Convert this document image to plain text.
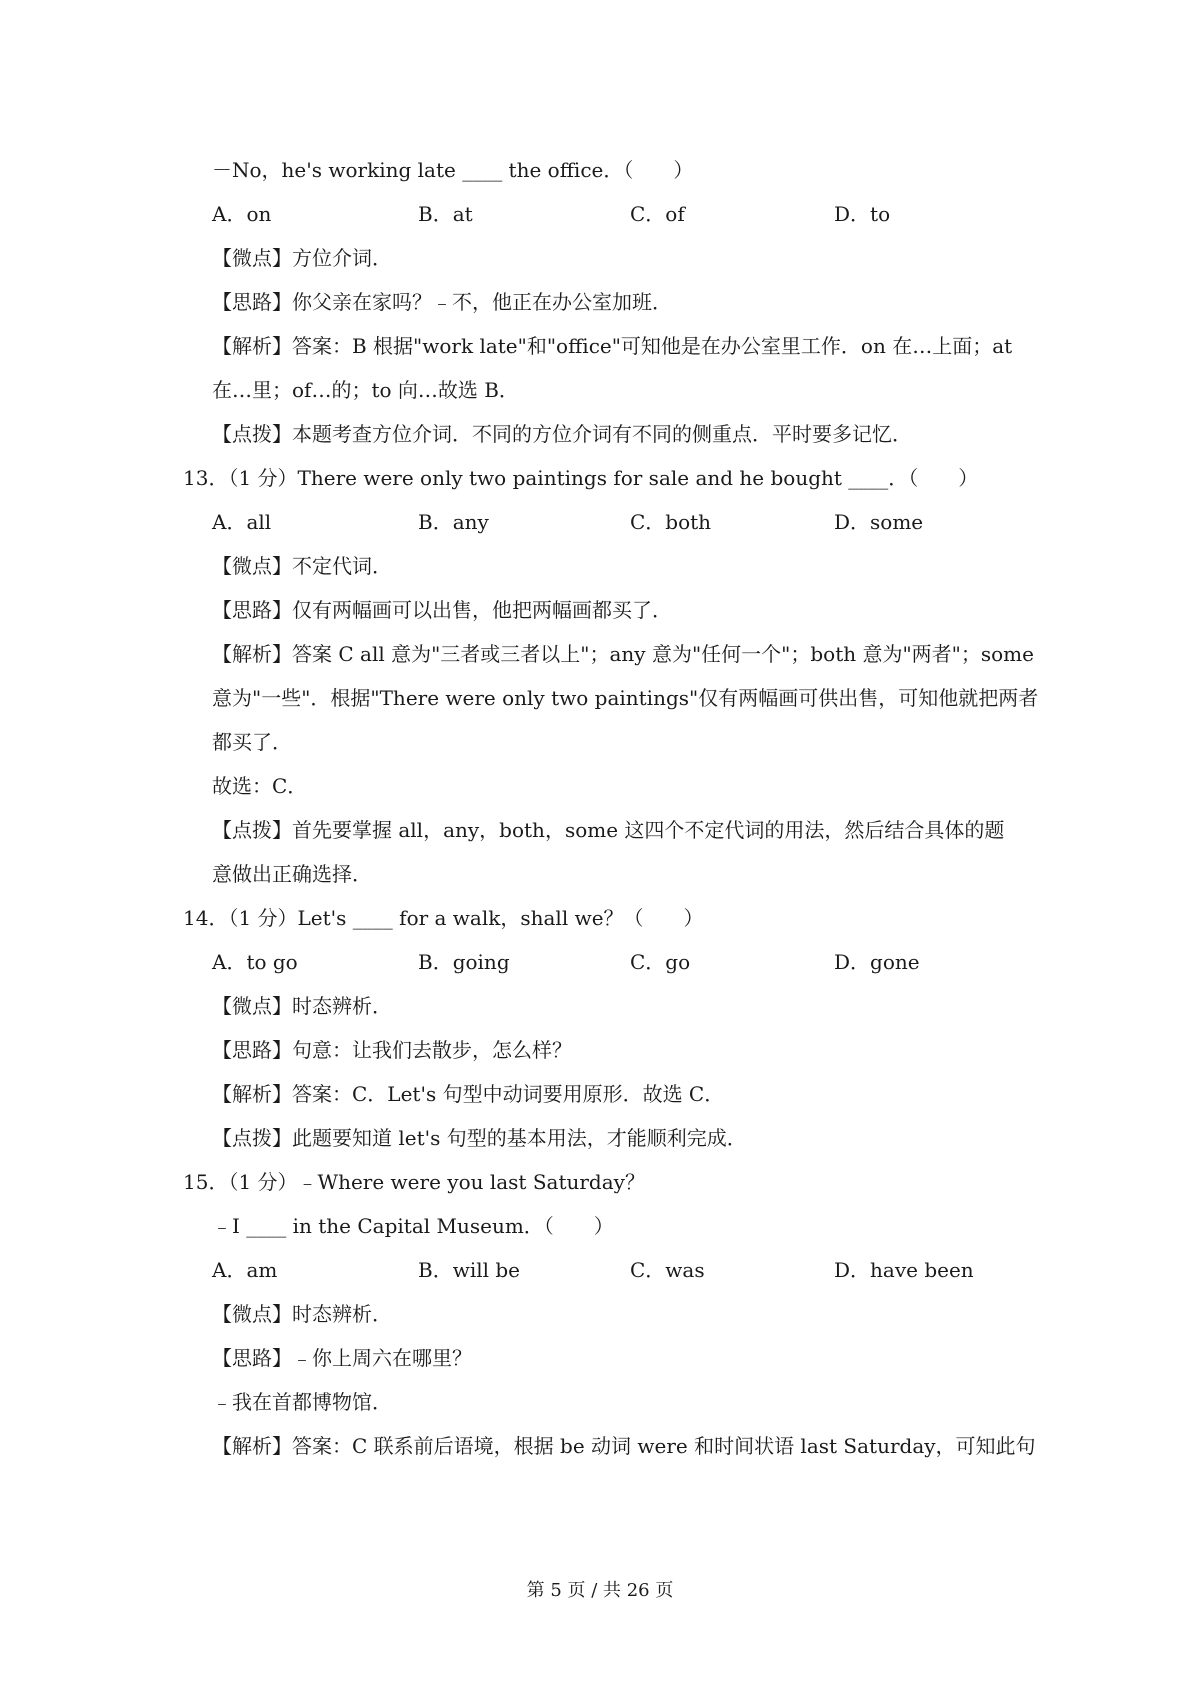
－No，he's working late ____ the office．（　　）
A．on	B．at	C．of	D．to
【微点】方位介词．
【思路】你父亲在家吗？﹣不，他正在办公室加班．
【解析】答案：B 根据"work late"和"office"可知他是在办公室里工作．on 在…上面；at
在…里；of…的；to 向…故选 B．
【点拨】本题考查方位介词．不同的方位介词有不同的侧重点．平时要多记忆．
13．（1 分）There were only two paintings for sale and he bought ____．（　　）
A．all	B．any	C．both	D．some
【微点】不定代词．
【思路】仅有两幅画可以出售，他把两幅画都买了．
【解析】答案 C all 意为"三者或三者以上"；any 意为"任何一个"；both 意为"两者"；some
意为"一些"．根据"There were only two paintings"仅有两幅画可供出售，可知他就把两者
都买了．
故选：C．
【点拨】首先要掌握 all，any，both，some 这四个不定代词的用法，然后结合具体的题
意做出正确选择．
14．（1 分）Let's ____ for a walk，shall we？（　　）
A．to go	B．going	C．go	D．gone
【微点】时态辨析．
【思路】句意：让我们去散步，怎么样？
【解析】答案：C．Let's 句型中动词要用原形．故选 C．
【点拨】此题要知道 let's 句型的基本用法，才能顺利完成．
15．（1 分）﹣Where were you last Saturday？
﹣I ____ in the Capital Museum．（　　）
A．am	B．will be	C．was	D．have been
【微点】时态辨析．
【思路】﹣你上周六在哪里？
﹣我在首都博物馆．
【解析】答案：C 联系前后语境，根据 be 动词 were 和时间状语 last Saturday，可知此句
第 5 页 / 共 26 页
